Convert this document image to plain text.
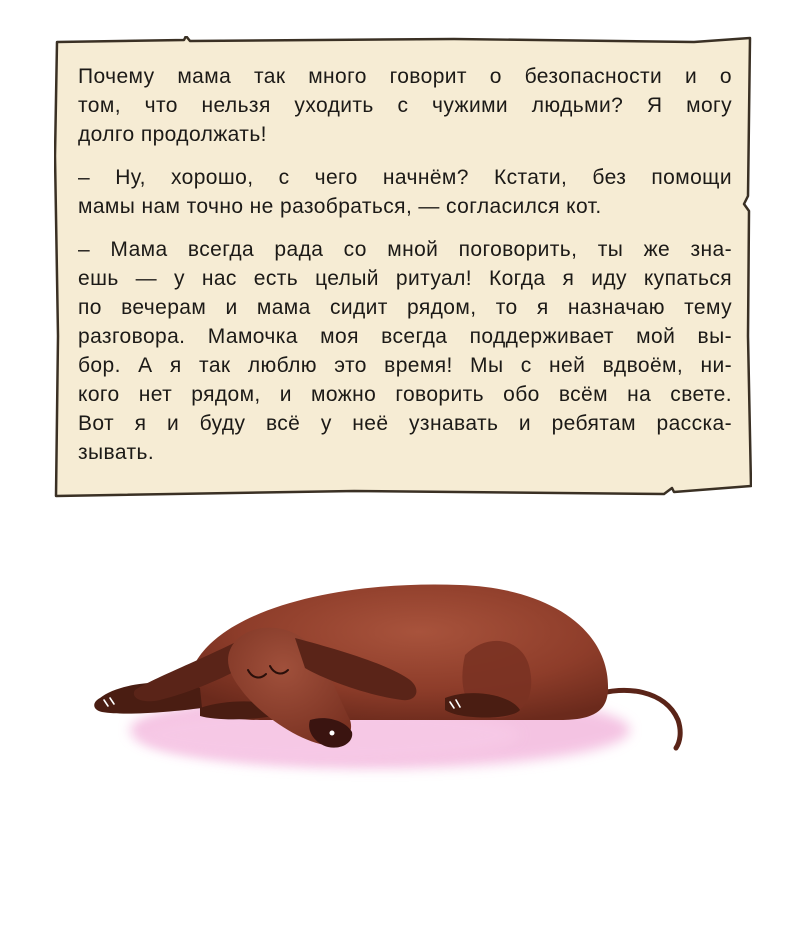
Почему мама так много говорит о безопасности и о
том, что нельзя уходить с чужими людьми? Я могу
долго продолжать!
– Ну, хорошо, с чего начнём? Кстати, без помощи
мамы нам точно не разобраться, — согласился кот.
– Мама всегда рада со мной поговорить, ты же зна-
ешь — у нас есть целый ритуал! Когда я иду купаться
по вечерам и мама сидит рядом, то я назначаю тему
разговора. Мамочка моя всегда поддерживает мой вы-
бор. А я так люблю это время! Мы с ней вдвоём, ни-
кого нет рядом, и можно говорить обо всём на свете.
Вот я и буду всё у неё узнавать и ребятам расска-
зывать.
